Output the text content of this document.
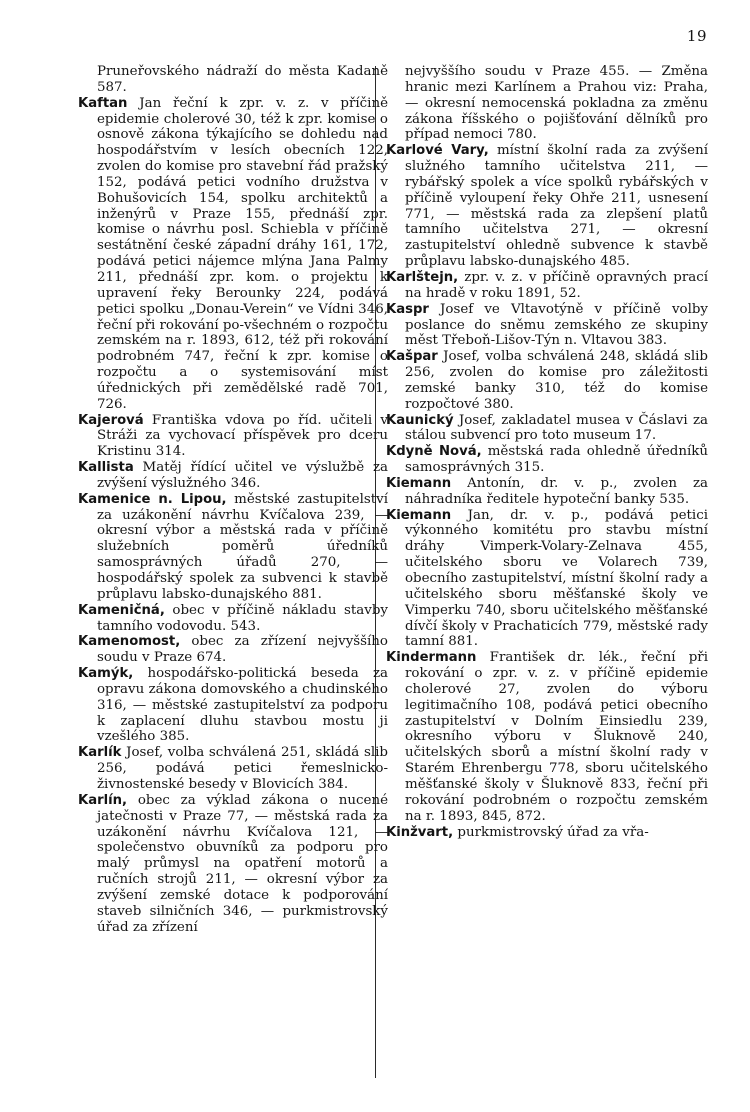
19

Pruneřovského nádraží do města Kadaně 587.

Kaftan Jan řeční k zpr. v. z. v příčině epidemie cholerové 30, též k zpr. komise o osnově zákona týkajícího se dohledu nad hospodářstvím v lesích obecních 122, zvolen do komise pro stavební řád pražský 152, podává petici vodního družstva v Bohušovicích 154, spolku architektů a inženýrů v Praze 155, přednáší zpr. komise o návrhu posl. Schiebla v příčině sestátnění české západní dráhy 161, 172, podává petici nájemce mlýna Jana Palmy 211, přednáší zpr. kom. o projektu k upravení řeky Berounky 224, podává petici spolku „Donau-Verein“ ve Vídni 346, řeční při rokování po-všechném o rozpočtu zemském na r. 1893, 612, též při rokování podrobném 747, řeční k zpr. komise o rozpočtu a o systemisování míst úřednických při zemědělské radě 701, 726.

Kajerová Františka vdova po říd. učiteli v Stráži za vychovací příspěvek pro dceru Kristinu 314.

Kallista Matěj řídící učitel ve výslužbě za zvýšení výslužného 346.

Kamenice n. Lipou, městské zastupitelství za uzákonění návrhu Kvíčalova 239, — okresní výbor a městská rada v příčině služebních poměrů úředníků samosprávných úřadů 270, — hospodářský spolek za subvenci k stavbě průplavu labsko-dunajského 881.

Kameničná, obec v příčině nákladu stavby tamního vodovodu. 543.

Kamenomost, obec za zřízení nejvyššího soudu v Praze 674.

Kamýk, hospodářsko-politická beseda za opravu zákona domovského a chudinského 316, — městské zastupitelství za podporu k zaplacení dluhu stavbou mostu ji vzešlého 385.

Karlík Josef, volba schválená 251, skládá slib 256, podává petici řemeslnicko-živnostenské besedy v Blovicích 384.

Karlín, obec za výklad zákona o nucené jatečnosti v Praze 77, — městská rada za uzákonění návrhu Kvíčalova 121, — společenstvo obuvníků za podporu pro malý průmysl na opatření motorů a ručních strojů 211, — okresní výbor za zvýšení zemské dotace k podporování staveb silničních 346, — purkmistrovský úřad za zřízení

nejvyššího soudu v Praze 455. — Změna hranic mezi Karlínem a Prahou viz: Praha, — okresní nemocenská pokladna za změnu zákona říšského o pojišťování dělníků pro případ nemoci 780.

Karlové Vary, místní školní rada za zvýšení služného tamního učitelstva 211, — rybářský spolek a více spolků rybářských v příčině vyloupení řeky Ohře 211, usnesení 771, — městská rada za zlepšení platů tamního učitelstva 271, — okresní zastupitelství ohledně subvence k stavbě průplavu labsko-dunajského 485.

Karlštejn, zpr. v. z. v příčině opravných prací na hradě v roku 1891, 52.

Kaspr Josef ve Vltavotýně v příčině volby poslance do sněmu zemského ze skupiny měst Třeboň-Lišov-Týn n. Vltavou 383.

Kašpar Josef, volba schválená 248, skládá slib 256, zvolen do komise pro záležitosti zemské banky 310, též do komise rozpočtové 380.

Kaunický Josef, zakladatel musea v Čáslavi za stálou subvencí pro toto museum 17.

Kdyně Nová, městská rada ohledně úředníků samosprávných 315.

Kiemann Antonín, dr. v. p., zvolen za náhradníka ředitele hypoteční banky 535.

Kiemann Jan, dr. v. p., podává petici výkonného komitétu pro stavbu místní dráhy Vimperk-Volary-Zelnava 455, učitelského sboru ve Volarech 739, obecního zastupitelství, místní školní rady a učitelského sboru měšťanské školy ve Vimperku 740, sboru učitelského měšťanské dívčí školy v Prachaticích 779, městské rady tamní 881.

Kindermann František dr. lék., řeční při rokování o zpr. v. z. v příčině epidemie cholerové 27, zvolen do výboru legitimačního 108, podává petici obecního zastupitelství v Dolním Einsiedlu 239, okresního výboru v Šluknově 240, učitelských sborů a místní školní rady v Starém Ehrenbergu 778, sboru učitelského měšťanské školy v Šluknově 833, řeční při rokování podrobném o rozpočtu zemském na r. 1893, 845, 872.

Kinžvart, purkmistrovský úřad za vřa-
